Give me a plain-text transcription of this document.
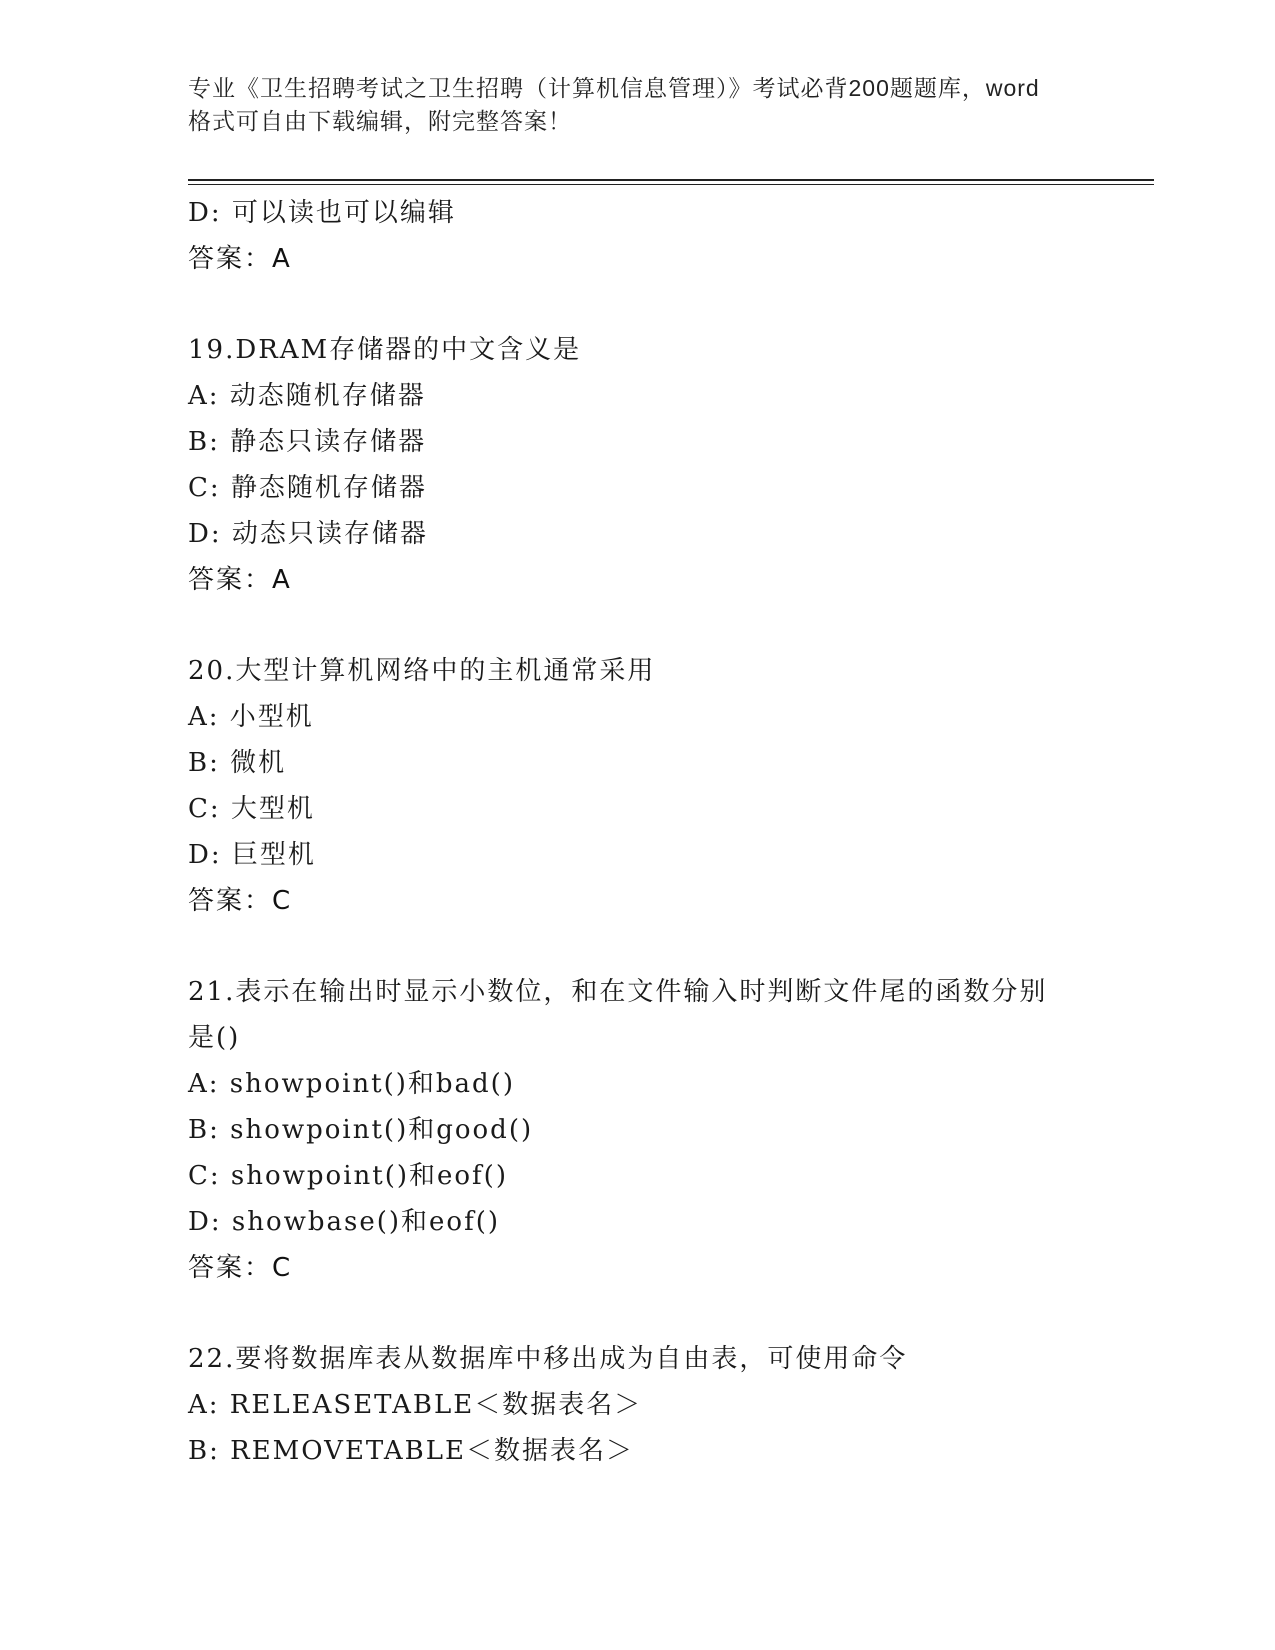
专业《卫生招聘考试之卫生招聘（计算机信息管理）》考试必背200题题库，word
格式可自由下载编辑，附完整答案！
D: 可以读也可以编辑
答案：A
19.DRAM存储器的中文含义是
A: 动态随机存储器
B: 静态只读存储器
C: 静态随机存储器
D: 动态只读存储器
答案：A
20.大型计算机网络中的主机通常采用
A: 小型机
B: 微机
C: 大型机
D: 巨型机
答案：C
21.表示在输出时显示小数位，和在文件输入时判断文件尾的函数分别
是()
A: showpoint()和bad()
B: showpoint()和good()
C: showpoint()和eof()
D: showbase()和eof()
答案：C
22.要将数据库表从数据库中移出成为自由表，可使用命令
A: RELEASETABLE＜数据表名＞
B: REMOVETABLE＜数据表名＞
